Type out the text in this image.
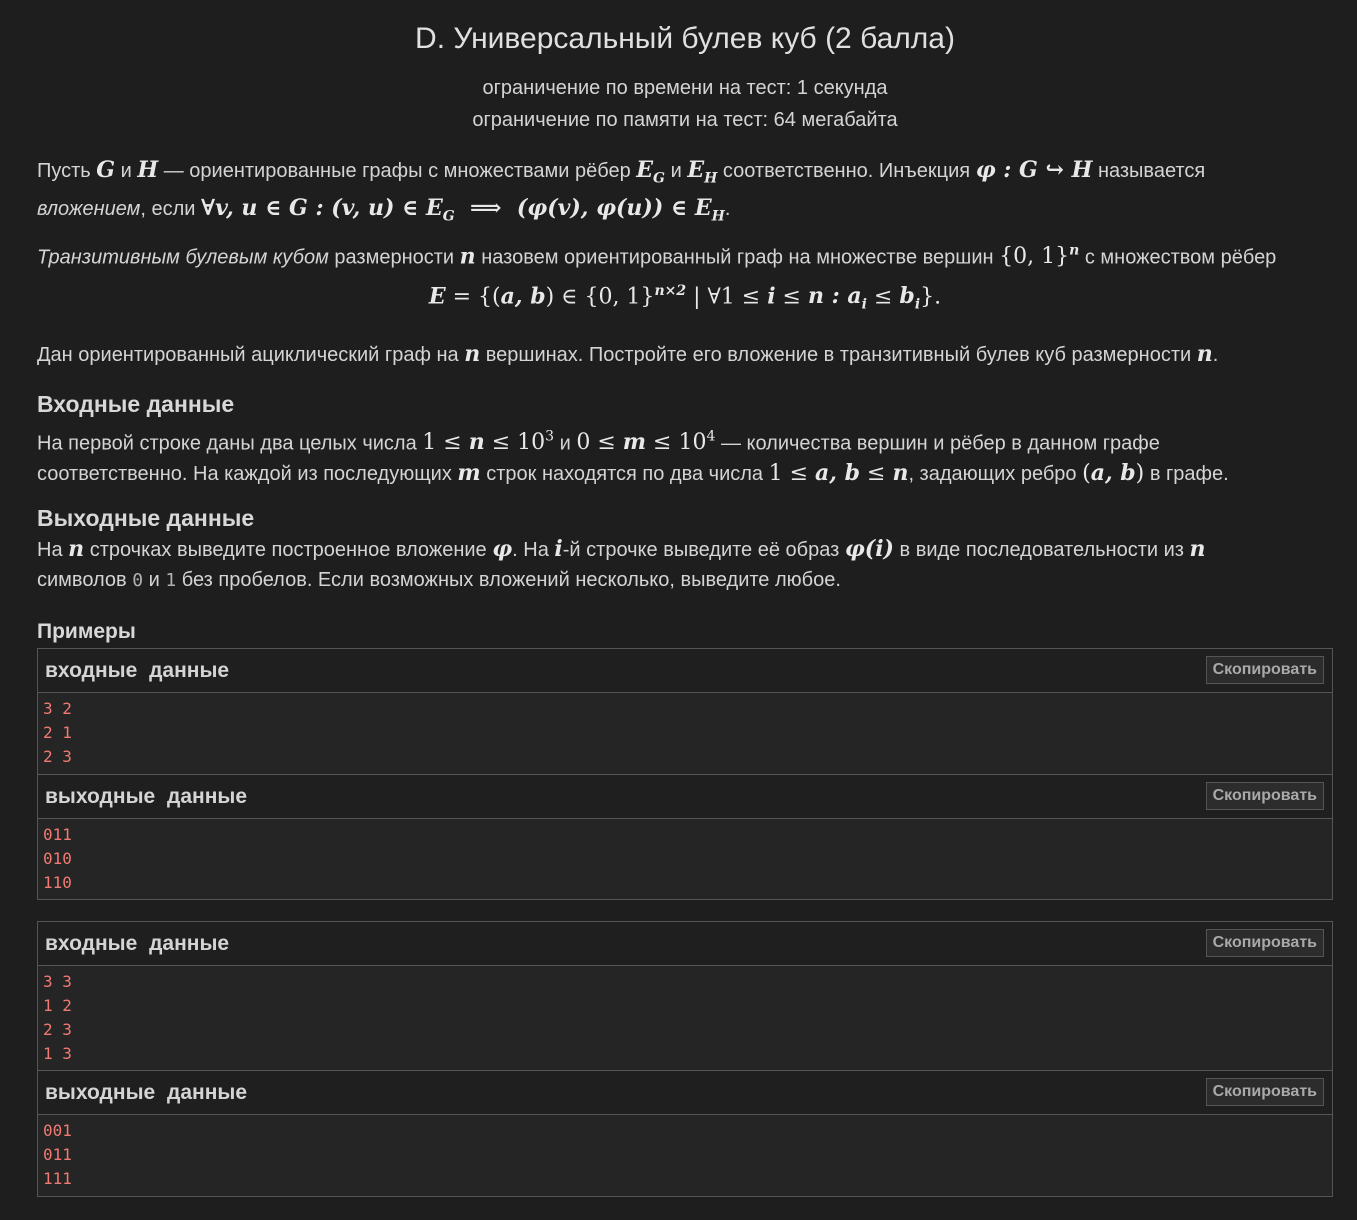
D. Универсальный булев куб (2 балла)
ограничение по времени на тест: 1 секунда
ограничение по памяти на тест: 64 мегабайта
Пусть G и H — ориентированные графы с множествами рёбер $E_G$ и $E_H$ соответственно. Инъекция φ : G ↪ H называется
вложением, если ∀v, u ∈ G : (v, u) ∈ $E_G$  ⟹  (φ(v), φ(u)) ∈ $E_H$.
Транзитивным булевым кубом размерности n назовем ориентированный граф на множестве вершин {0, 1}$^n$ с множеством рёбер
E = {(a, b) ∈ {0, 1}$^{n\times 2}$ | ∀1 ≤ i ≤ n : $a_i \le b_i$}.
Дан ориентированный ациклический граф на n вершинах. Постройте его вложение в транзитивный булев куб размерности n.
Входные данные
На первой строке даны два целых числа $1 \le n \le 10^3$ и $0 \le m \le 10^4$ — количества вершин и рёбер в данном графе
соответственно. На каждой из последующих m строк находятся по два числа 1 ≤ a, b ≤ n, задающих ребро (a, b) в графе.
Выходные данные
На n строчках выведите построенное вложение φ. На i-й строчке выведите её образ φ(i) в виде последовательности из n
символов 0 и 1 без пробелов. Если возможных вложений несколько, выведите любое.
Примеры
входные данные	Скопировать
3 2
2 1
2 3
выходные данные	Скопировать
011
010
110
входные данные	Скопировать
3 3
1 2
2 3
1 3
выходные данные	Скопировать
001
011
111
